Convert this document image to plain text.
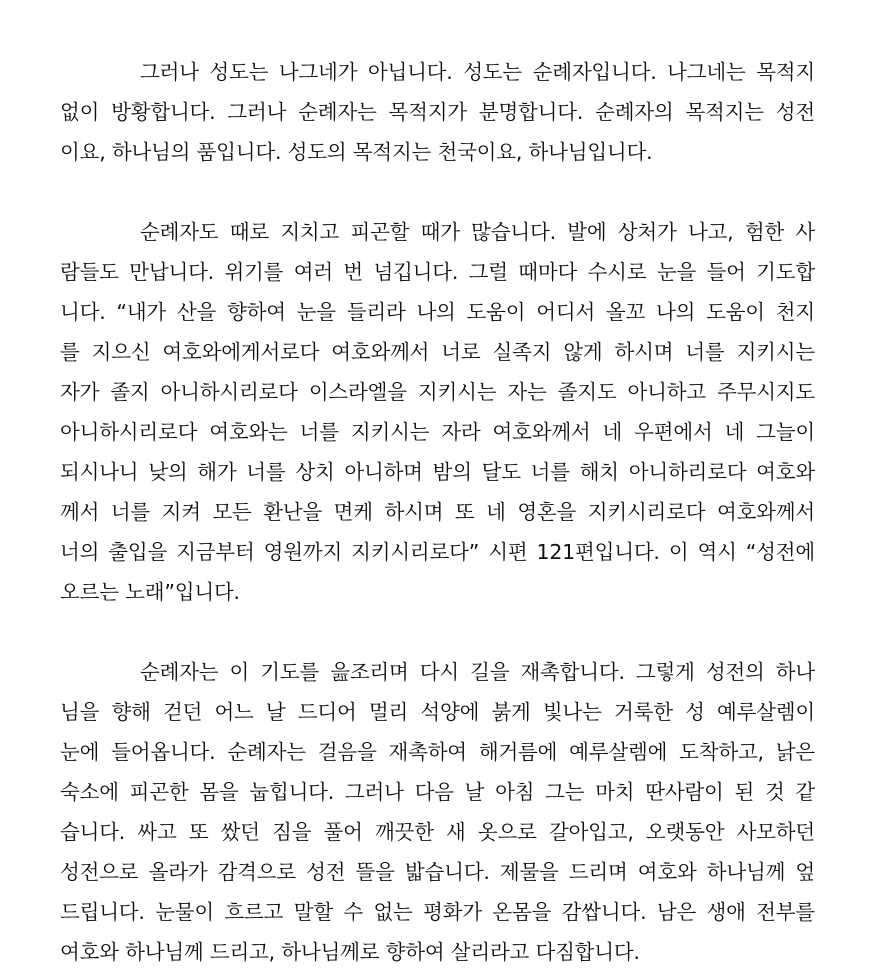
그러나 성도는 나그네가 아닙니다. 성도는 순례자입니다. 나그네는 목적지
없이 방황합니다. 그러나 순례자는 목적지가 분명합니다. 순례자의 목적지는 성전
이요, 하나님의 품입니다. 성도의 목적지는 천국이요, 하나님입니다.
순례자도 때로 지치고 피곤할 때가 많습니다. 발에 상처가 나고, 험한 사
람들도 만납니다. 위기를 여러 번 넘깁니다. 그럴 때마다 수시로 눈을 들어 기도합
니다. “내가 산을 향하여 눈을 들리라 나의 도움이 어디서 올꼬 나의 도움이 천지
를 지으신 여호와에게서로다 여호와께서 너로 실족지 않게 하시며 너를 지키시는
자가 졸지 아니하시리로다 이스라엘을 지키시는 자는 졸지도 아니하고 주무시지도
아니하시리로다 여호와는 너를 지키시는 자라 여호와께서 네 우편에서 네 그늘이
되시나니 낮의 해가 너를 상치 아니하며 밤의 달도 너를 해치 아니하리로다 여호와
께서 너를 지켜 모든 환난을 면케 하시며 또 네 영혼을 지키시리로다 여호와께서
너의 출입을 지금부터 영원까지 지키시리로다” 시편 121편입니다. 이 역시 “성전에
오르는 노래”입니다.
순례자는 이 기도를 읊조리며 다시 길을 재촉합니다. 그렇게 성전의 하나
님을 향해 걷던 어느 날 드디어 멀리 석양에 붉게 빛나는 거룩한 성 예루살렘이
눈에 들어옵니다. 순례자는 걸음을 재촉하여 해거름에 예루살렘에 도착하고, 낡은
숙소에 피곤한 몸을 눕힙니다. 그러나 다음 날 아침 그는 마치 딴사람이 된 것 같
습니다. 싸고 또 쌌던 짐을 풀어 깨끗한 새 옷으로 갈아입고, 오랫동안 사모하던
성전으로 올라가 감격으로 성전 뜰을 밟습니다. 제물을 드리며 여호와 하나님께 엎
드립니다. 눈물이 흐르고 말할 수 없는 평화가 온몸을 감쌉니다. 남은 생애 전부를
여호와 하나님께 드리고, 하나님께로 향하여 살리라고 다짐합니다.
